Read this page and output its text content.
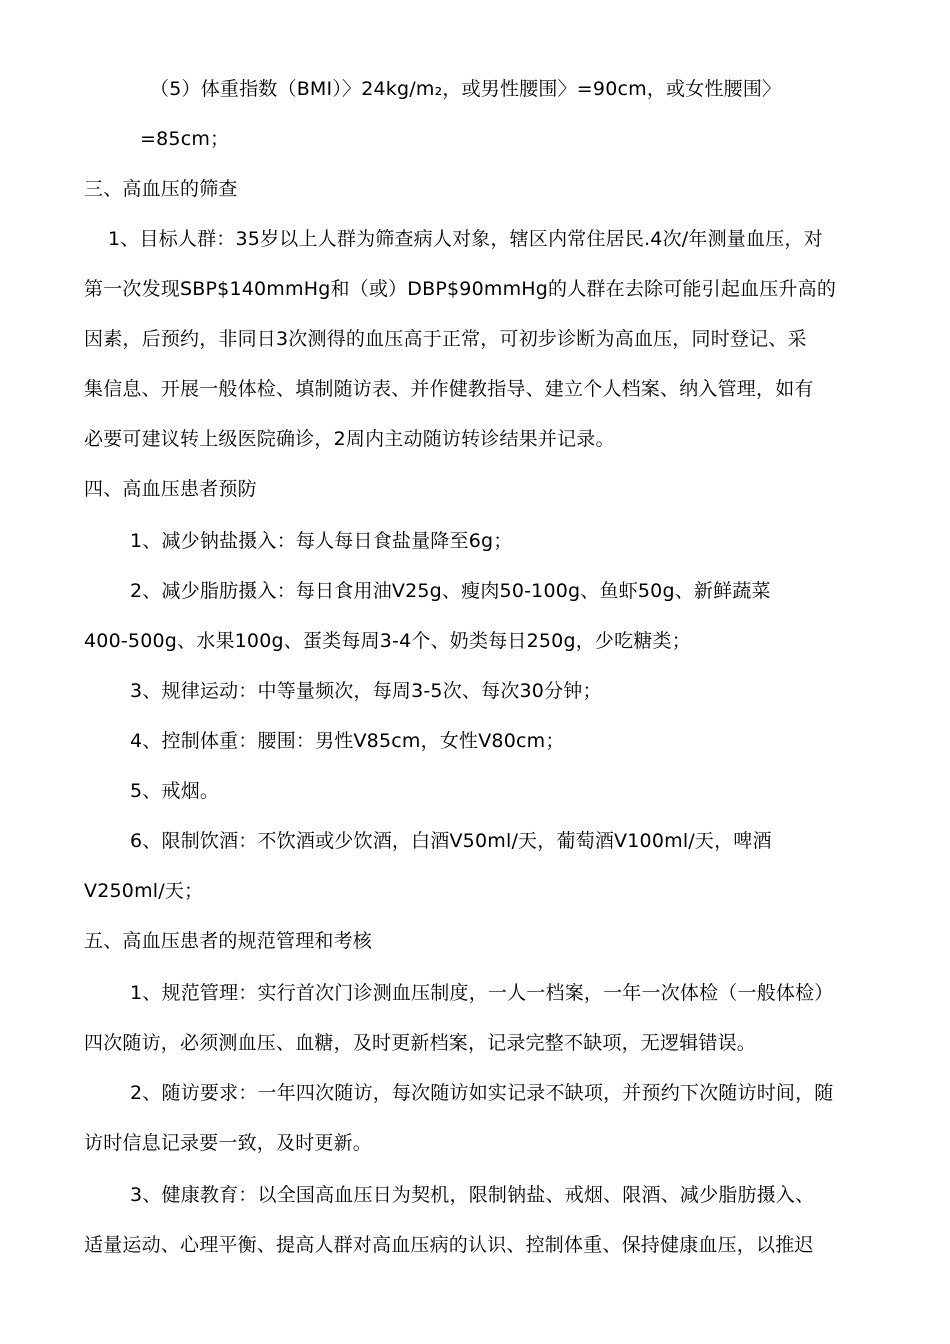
（5）体重指数（BMI）〉24kg/m₂，或男性腰围〉=90cm，或女性腰围〉
=85cm；
三、高血压的筛查
1、目标人群：35岁以上人群为筛查病人对象，辖区内常住居民.4次/年测量血压，对
第一次发现SBP$140mmHg和（或）DBP$90mmHg的人群在去除可能引起血压升高的
因素，后预约，非同日3次测得的血压高于正常，可初步诊断为高血压，同时登记、采
集信息、开展一般体检、填制随访表、并作健教指导、建立个人档案、纳入管理，如有
必要可建议转上级医院确诊，2周内主动随访转诊结果并记录。
四、高血压患者预防
1、减少钠盐摄入：每人每日食盐量降至6g；
2、减少脂肪摄入：每日食用油V25g、瘦肉50-100g、鱼虾50g、新鲜蔬菜
400-500g、水果100g、蛋类每周3-4个、奶类每日250g，少吃糖类；
3、规律运动：中等量频次，每周3-5次、每次30分钟；
4、控制体重：腰围：男性V85cm，女性V80cm；
5、戒烟。
6、限制饮酒：不饮酒或少饮酒，白酒V50ml/天，葡萄酒V100ml/天，啤酒
V250ml/天；
五、高血压患者的规范管理和考核
1、规范管理：实行首次门诊测血压制度，一人一档案，一年一次体检（一般体检）
四次随访，必须测血压、血糖，及时更新档案，记录完整不缺项，无逻辑错误。
2、随访要求：一年四次随访，每次随访如实记录不缺项，并预约下次随访时间，随
访时信息记录要一致，及时更新。
3、健康教育：以全国高血压日为契机，限制钠盐、戒烟、限酒、减少脂肪摄入、
适量运动、心理平衡、提高人群对高血压病的认识、控制体重、保持健康血压，以推迟
